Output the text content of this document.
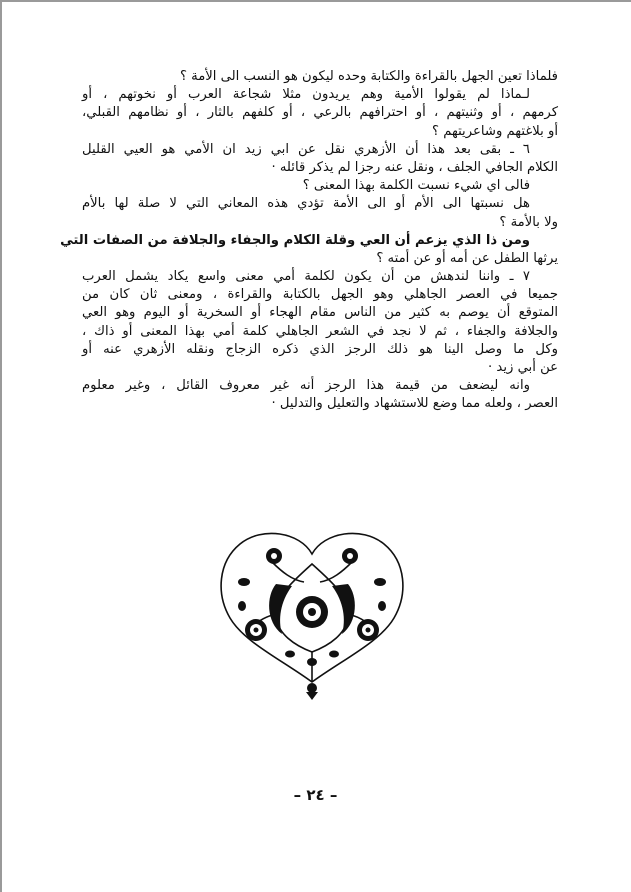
فلماذا تعين الجهل بالقراءة والكتابة وحده ليكون هو النسب الى الأمة ؟
لـماذا لم يقولوا الأمية وهم يريدون مثلا شجاعة العرب أو نخوتهم ، أو
كرمهم ، أو وثنيتهم ، أو احترافهم بالرعي ، أو كلفهم بالثار ، أو نظامهم القبلي،
أو بلاغتهم وشاعريتهم ؟
٦ ـ بقى بعد هذا أن الأزهري نقل عن ابي زيد ان الأمي هو العيي القليل
الكلام الجافي الجلف ، ونقل عنه رجزا لم يذكر قائله ·
فالى اي شيء نسبت الكلمة بهذا المعنى ؟
هل نسبتها الى الأم أو الى الأمة تؤدي هذه المعاني التي لا صلة لها بالأم
ولا بالأمة ؟
ومن ذا الذي يزعم أن العي وقلة الكلام والجفاء والجلافة من الصفات التي
يرثها الطفل عن أمه أو عن أمته ؟
٧ ـ واننا لندهش من أن يكون لكلمة أمي معنى واسع يكاد يشمل العرب
جميعا في العصر الجاهلي وهو الجهل بالكتابة والقراءة ، ومعنى ثان كان من
المتوقع أن يوصم به كثير من الناس مقام الهجاء أو السخرية أو اليوم وهو العي
والجلافة والجفاء ، ثم لا نجد في الشعر الجاهلي كلمة أمي بهذا المعنى أو ذاك ،
وكل ما وصل الينا هو ذلك الرجز الذي ذكره الزجاج ونقله الأزهري عنه أو
عن أبي زيد ·
وانه ليضعف من قيمة هذا الرجز أنه غير معروف القائل ، وغير معلوم
العصر ، ولعله مما وضع للاستشهاد والتعليل والتدليل ·
– ٢٤ –
